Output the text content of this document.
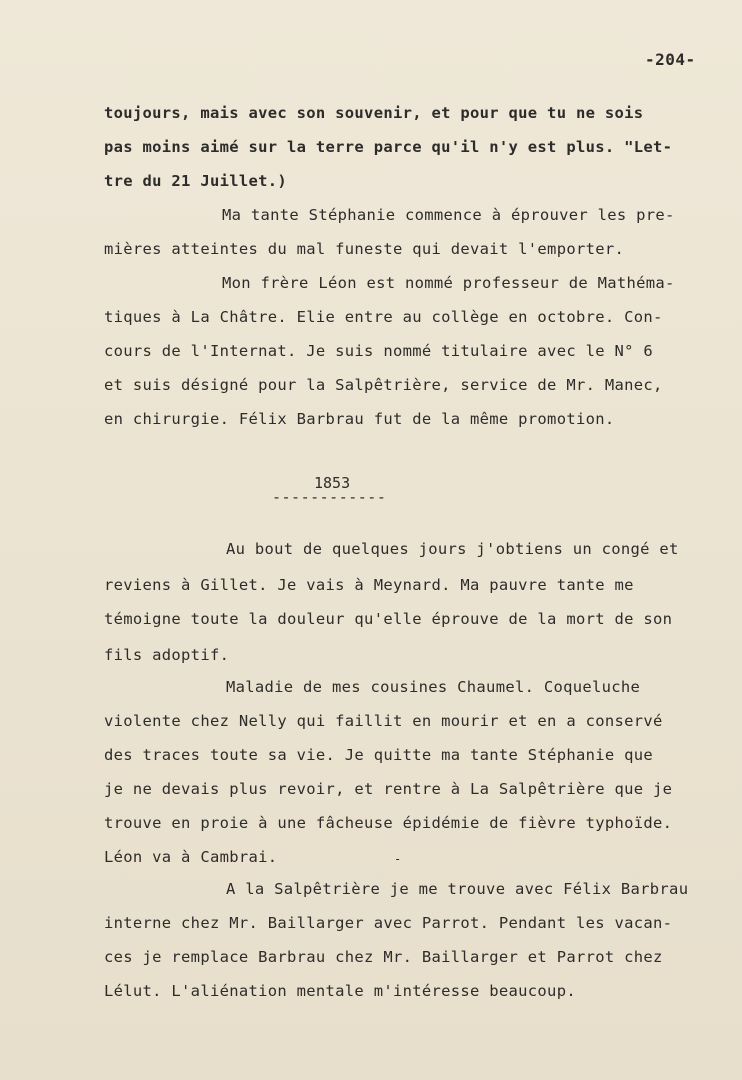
-204-
toujours, mais avec son souvenir, et pour que tu ne sois
pas moins aimé sur la terre parce qu'il n'y est plus. "Let-
tre du 21 Juillet.)
Ma tante Stéphanie commence à éprouver les pre-
mières atteintes du mal funeste qui devait l'emporter.
Mon frère Léon est nommé professeur de Mathéma-
tiques à La Châtre. Elie entre au collège en octobre. Con-
cours de l'Internat. Je suis nommé titulaire avec le N° 6
et suis désigné pour la Salpêtrière, service de Mr. Manec,
en chirurgie. Félix Barbrau fut de la même promotion.
1853
------------
Au bout de quelques jours j'obtiens un congé et
reviens à Gillet. Je vais à Meynard. Ma pauvre tante me
témoigne toute la douleur qu'elle éprouve de la mort de son
fils adoptif.
Maladie de mes cousines Chaumel. Coqueluche
violente chez Nelly qui faillit en mourir et en a conservé
des traces toute sa vie. Je quitte ma tante Stéphanie que
je ne devais plus revoir, et rentre à La Salpêtrière que je
trouve en proie à une fâcheuse épidémie de fièvre typhoïde.
Léon va à Cambrai.	-
A la Salpêtrière je me trouve avec Félix Barbrau
interne chez Mr. Baillarger avec Parrot. Pendant les vacan-
ces je remplace Barbrau chez Mr. Baillarger et Parrot chez
Lélut. L'aliénation mentale m'intéresse beaucoup.
